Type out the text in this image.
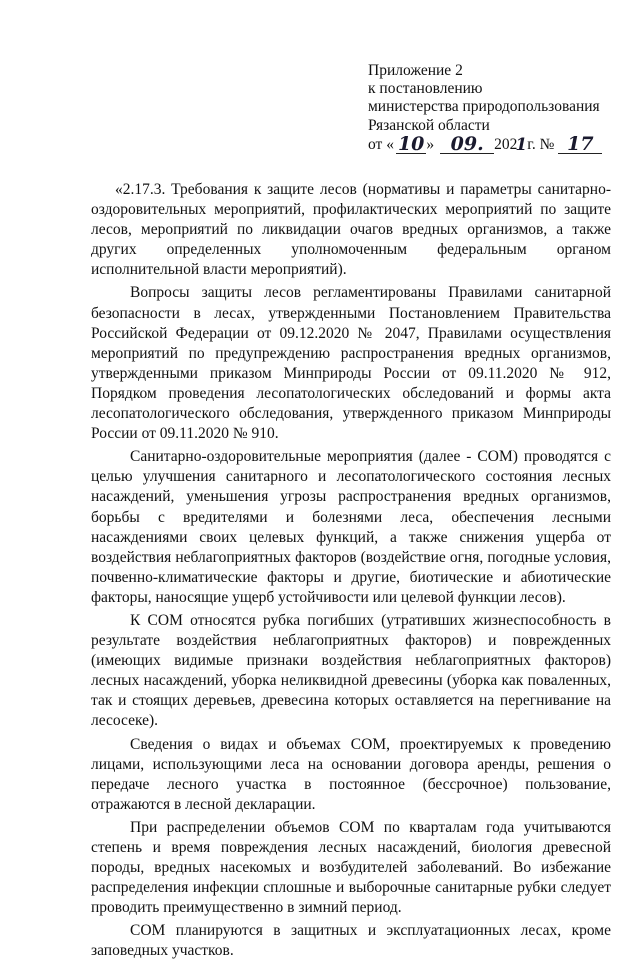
Приложение 2
к постановлению
министерства природопользования
Рязанской области
от « 10 » 09. 202
1 г. № 17

«2.17.3. Требования к защите лесов (нормативы и параметры санитарно-оздоровительных мероприятий, профилактических мероприятий по защите лесов, мероприятий по ликвидации очагов вредных организмов, а также других определенных уполномоченным федеральным органом исполнительной власти мероприятий).

Вопросы защиты лесов регламентированы Правилами санитарной безопасности в лесах, утвержденными Постановлением Правительства Российской Федерации от 09.12.2020 № 2047, Правилами осуществления мероприятий по предупреждению распространения вредных организмов, утвержденными приказом Минприроды России от 09.11.2020 № 912, Порядком проведения лесопатологических обследований и формы акта лесопатологического обследования, утвержденного приказом Минприроды России от 09.11.2020 № 910.

Санитарно-оздоровительные мероприятия (далее - СОМ) проводятся с целью улучшения санитарного и лесопатологического состояния лесных насаждений, уменьшения угрозы распространения вредных организмов, борьбы с вредителями и болезнями леса, обеспечения лесными насаждениями своих целевых функций, а также снижения ущерба от воздействия неблагоприятных факторов (воздействие огня, погодные условия, почвенно-климатические факторы и другие, биотические и абиотические факторы, наносящие ущерб устойчивости или целевой функции лесов).

К СОМ относятся рубка погибших (утративших жизнеспособность в результате воздействия неблагоприятных факторов) и поврежденных (имеющих видимые признаки воздействия неблагоприятных факторов) лесных насаждений, уборка неликвидной древесины (уборка как поваленных, так и стоящих деревьев, древесина которых оставляется на перегнивание на лесосеке).

Сведения о видах и объемах СОМ, проектируемых к проведению лицами, использующими леса на основании договора аренды, решения о передаче лесного участка в постоянное (бессрочное) пользование, отражаются в лесной декларации.

При распределении объемов СОМ по кварталам года учитываются степень и время повреждения лесных насаждений, биология древесной породы, вредных насекомых и возбудителей заболеваний. Во избежание распределения инфекции сплошные и выборочные санитарные рубки следует проводить преимущественно в зимний период.

СОМ планируются в защитных и эксплуатационных лесах, кроме заповедных участков.
